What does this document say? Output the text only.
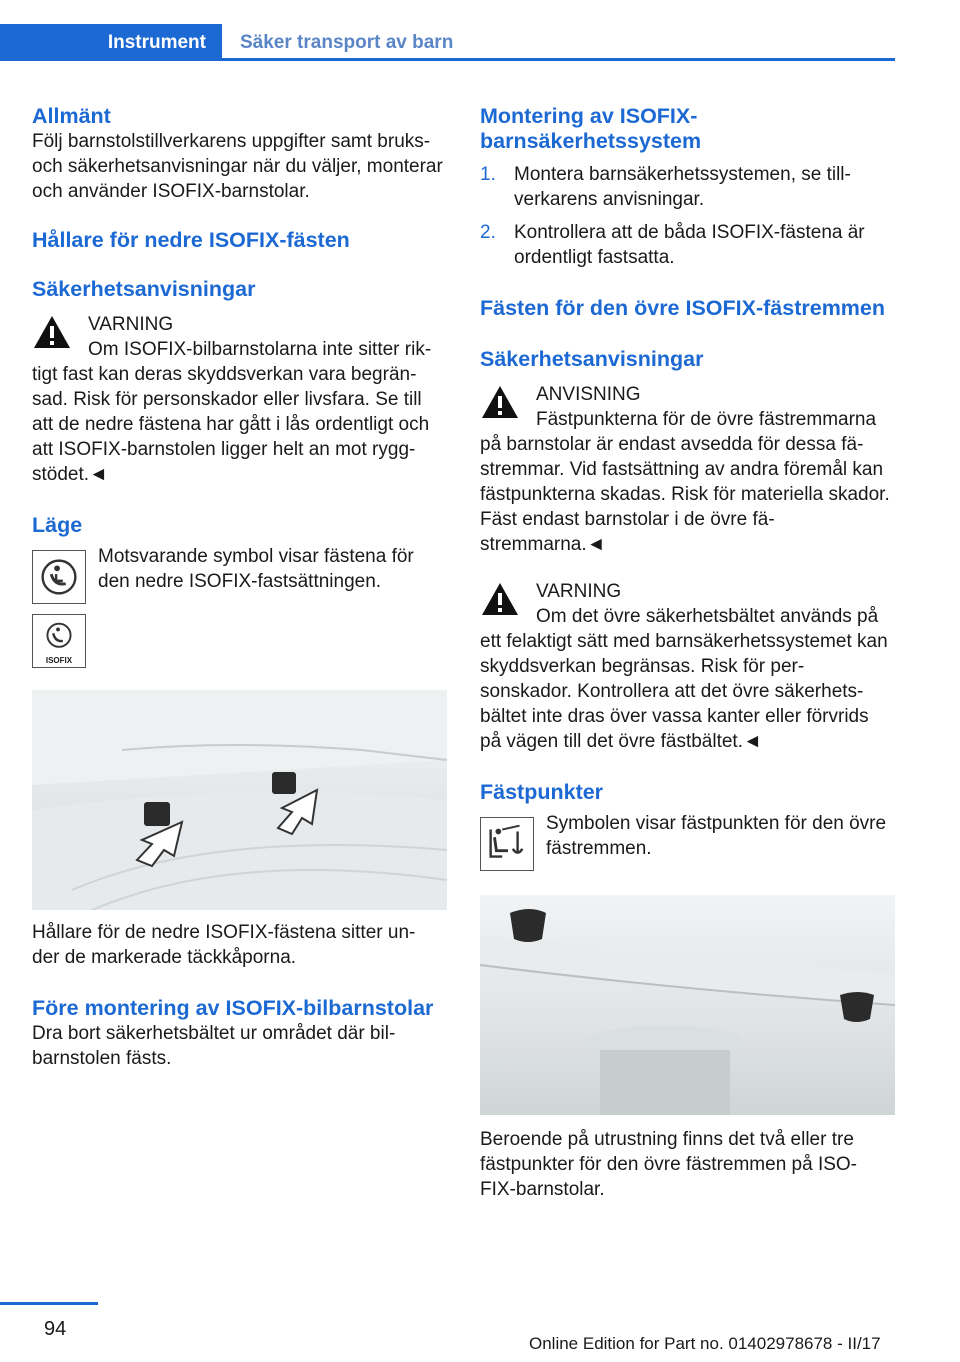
Instrument	Säker transport av barn
Allmänt

Följ barnstolstillverkarens uppgifter samt bruks- och säkerhetsanvisningar när du väljer, monterar och använder ISOFIX-barnstolar.

Hållare för nedre ISOFIX-fästen
Säkerhetsanvisningar
VARNING
Om ISOFIX-bilbarnstolarna inte sitter rik-
tigt fast kan deras skyddsverkan vara begrän- sad. Risk för personskador eller livsfara. Se till att de nedre fästena har gått i lås ordentligt och att ISOFIX-barnstolen ligger helt an mot rygg- stödet.◄
Läge

Motsvarande symbol visar fästena för den nedre ISOFIX-fastsättningen.

ISOFIX

Hållare för de nedre ISOFIX-fästena sitter un- der de markerade täckkåporna.

Före montering av ISOFIX-bilbarnstolar

Dra bort säkerhetsbältet ur området där bil- barnstolen fästs.

Montering av ISOFIX-barnsäkerhetssystem
1. Montera barnsäkerhetssystemen, se till- verkarens anvisningar.
2. Kontrollera att de båda ISOFIX-fästena är ordentligt fastsatta.
Fästen för den övre ISOFIX-fästremmen
Säkerhetsanvisningar
ANVISNING
Fästpunkterna för de övre fästremmarna
på barnstolar är endast avsedda för dessa fä- stremmar. Vid fastsättning av andra föremål kan fästpunkterna skadas. Risk för materiella skador. Fäst endast barnstolar i de övre fä- stremmarna.◄
VARNING
Om det övre säkerhetsbältet används på
ett felaktigt sätt med barnsäkerhetssystemet kan skyddsverkan begränsas. Risk för per- sonskador. Kontrollera att det övre säkerhets- bältet inte dras över vassa kanter eller förvrids på vägen till det övre fästbältet.◄
Fästpunkter

Symbolen visar fästpunkten för den övre fästremmen.

Beroende på utrustning finns det två eller tre fästpunkter för den övre fästremmen på ISO- FIX-barnstolar.

94
Online Edition for Part no. 01402978678 - II/17
